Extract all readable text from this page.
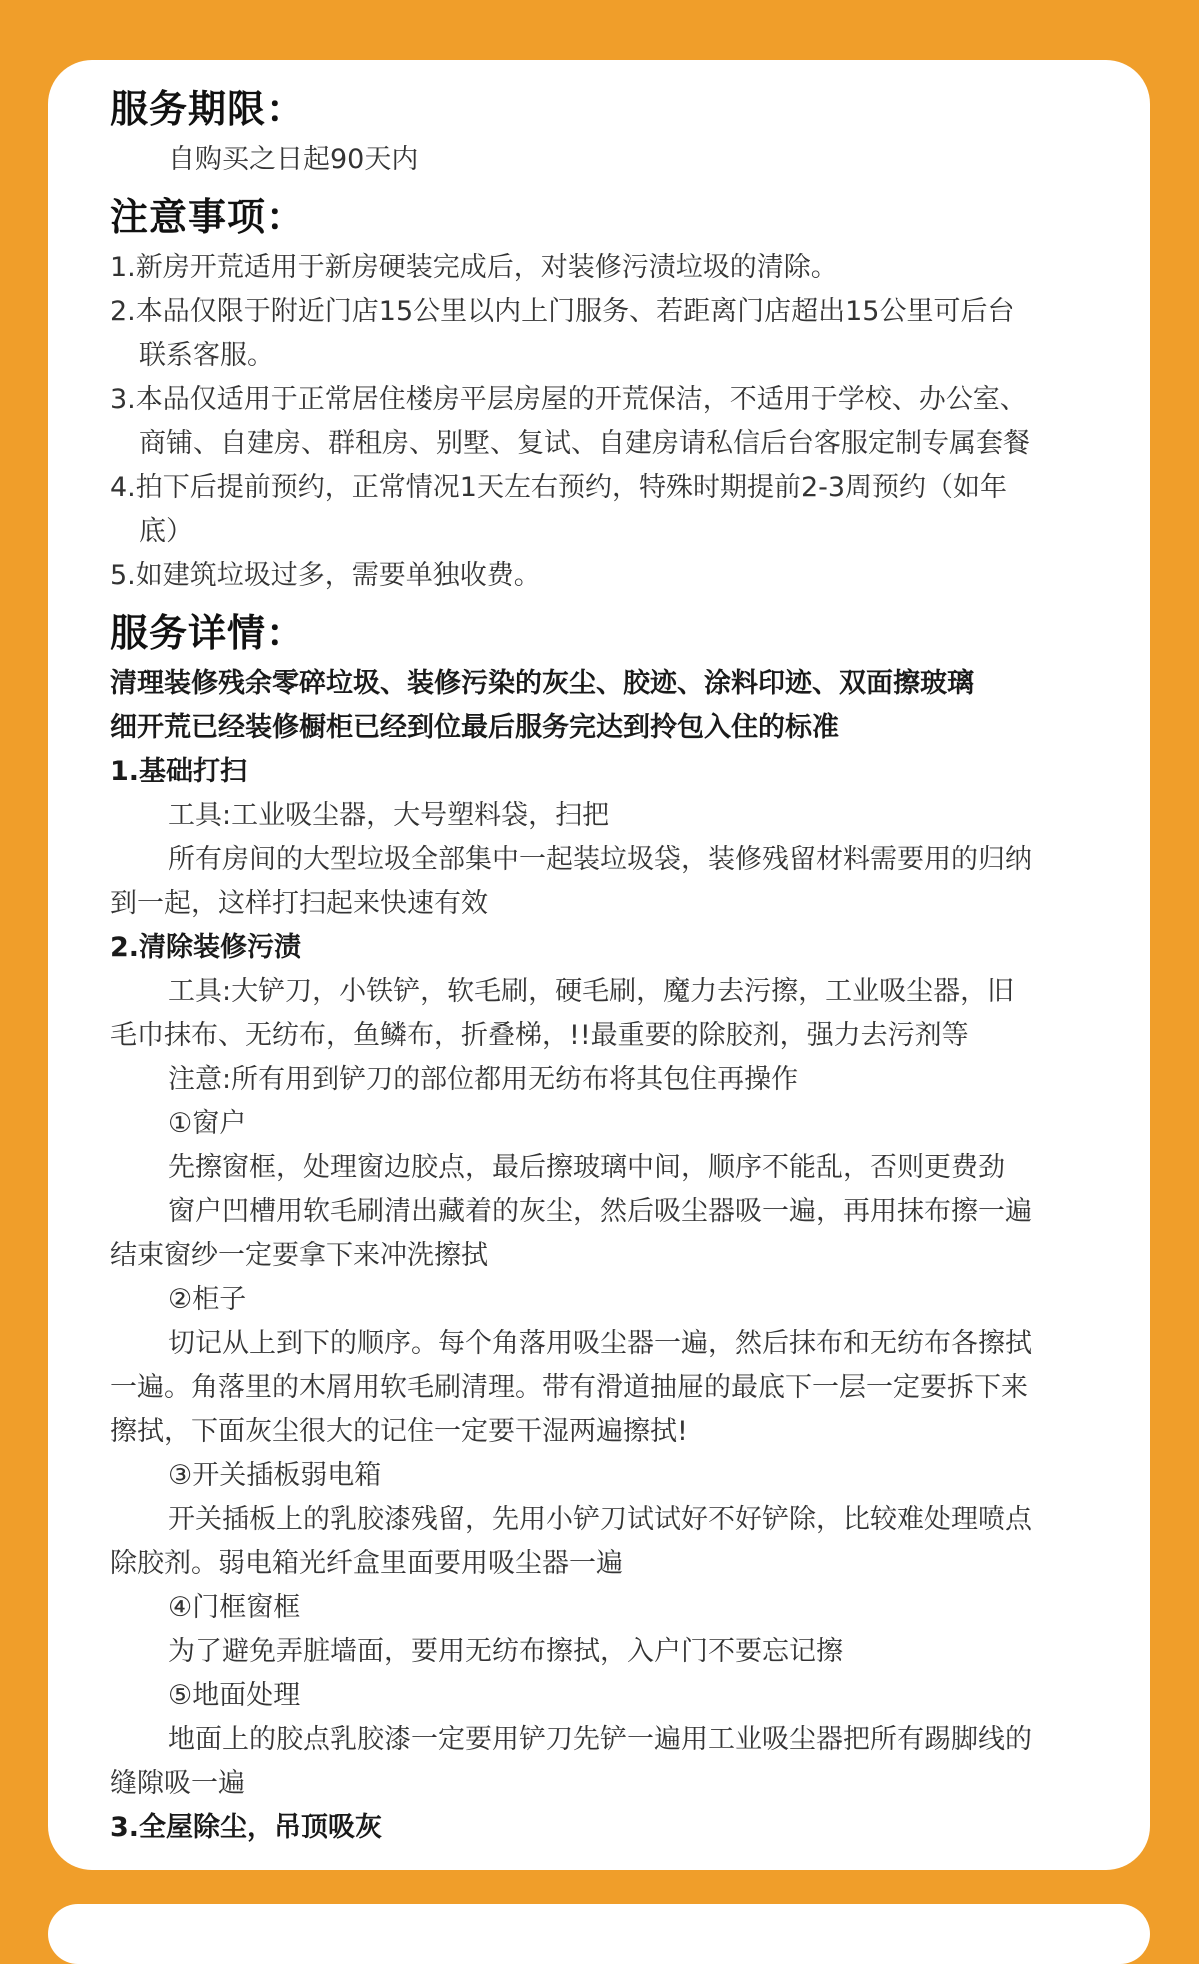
服务期限：

自购买之日起90天内

注意事项：

1.新房开荒适用于新房硬装完成后，对装修污渍垃圾的清除。

2.本品仅限于附近门店15公里以内上门服务、若距离门店超出15公里可后台

联系客服。

3.本品仅适用于正常居住楼房平层房屋的开荒保洁，不适用于学校、办公室、

商铺、自建房、群租房、别墅、复试、自建房请私信后台客服定制专属套餐

4.拍下后提前预约，正常情况1天左右预约，特殊时期提前2-3周预约（如年

底）

5.如建筑垃圾过多，需要单独收费。

服务详情：

清理装修残余零碎垃圾、装修污染的灰尘、胶迹、涂料印迹、双面擦玻璃

细开荒已经装修橱柜已经到位最后服务完达到拎包入住的标准

1.基础打扫

工具:工业吸尘器，大号塑料袋，扫把

所有房间的大型垃圾全部集中一起装垃圾袋，装修残留材料需要用的归纳

到一起，这样打扫起来快速有效

2.清除装修污渍

工具:大铲刀，小铁铲，软毛刷，硬毛刷，魔力去污擦，工业吸尘器，旧

毛巾抹布、无纺布，鱼鳞布，折叠梯，!!最重要的除胶剂，强力去污剂等

注意:所有用到铲刀的部位都用无纺布将其包住再操作

①窗户

先擦窗框，处理窗边胶点，最后擦玻璃中间，顺序不能乱，否则更费劲

窗户凹槽用软毛刷清出藏着的灰尘，然后吸尘器吸一遍，再用抹布擦一遍

结束窗纱一定要拿下来冲洗擦拭

②柜子

切记从上到下的顺序。每个角落用吸尘器一遍，然后抹布和无纺布各擦拭

一遍。角落里的木屑用软毛刷清理。带有滑道抽屉的最底下一层一定要拆下来

擦拭，下面灰尘很大的记住一定要干湿两遍擦拭!

③开关插板弱电箱

开关插板上的乳胶漆残留，先用小铲刀试试好不好铲除，比较难处理喷点

除胶剂。弱电箱光纤盒里面要用吸尘器一遍

④门框窗框

为了避免弄脏墙面，要用无纺布擦拭，入户门不要忘记擦

⑤地面处理

地面上的胶点乳胶漆一定要用铲刀先铲一遍用工业吸尘器把所有踢脚线的

缝隙吸一遍

3.全屋除尘，吊顶吸灰
